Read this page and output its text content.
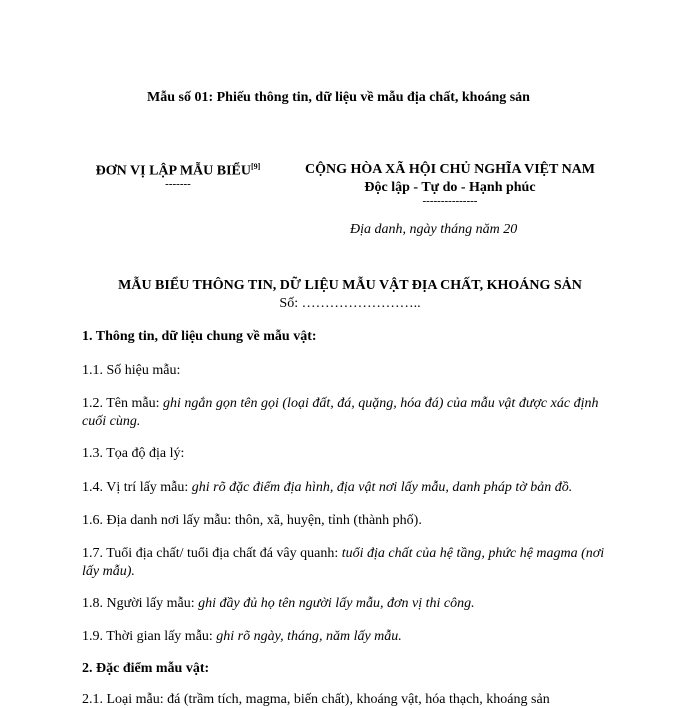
Mẫu số 01: Phiếu thông tin, dữ liệu về mẫu địa chất, khoáng sản
ĐƠN VỊ LẬP MẪU BIỂU[9]
-------
CỘNG HÒA XÃ HỘI CHỦ NGHĨA VIỆT NAM
Độc lập - Tự do - Hạnh phúc
---------------
Địa danh, ngày tháng năm 20
MẪU BIỂU THÔNG TIN, DỮ LIỆU MẪU VẬT ĐỊA CHẤT, KHOÁNG SẢN
Số: ……………………..
1. Thông tin, dữ liệu chung về mẫu vật:
1.1. Số hiệu mẫu:
1.2. Tên mẫu: ghi ngắn gọn tên gọi (loại đất, đá, quặng, hóa đá) của mẫu vật được xác định cuối cùng.
1.3. Tọa độ địa lý:
1.4. Vị trí lấy mẫu: ghi rõ đặc điểm địa hình, địa vật nơi lấy mẫu, danh pháp tờ bản đồ.
1.6. Địa danh nơi lấy mẫu: thôn, xã, huyện, tỉnh (thành phố).
1.7. Tuổi địa chất/ tuổi địa chất đá vây quanh: tuổi địa chất của hệ tầng, phức hệ magma (nơi lấy mẫu).
1.8. Người lấy mẫu: ghi đầy đủ họ tên người lấy mẫu, đơn vị thi công.
1.9. Thời gian lấy mẫu: ghi rõ ngày, tháng, năm lấy mẫu.
2. Đặc điểm mẫu vật:
2.1. Loại mẫu: đá (trầm tích, magma, biến chất), khoáng vật, hóa thạch, khoáng sản
